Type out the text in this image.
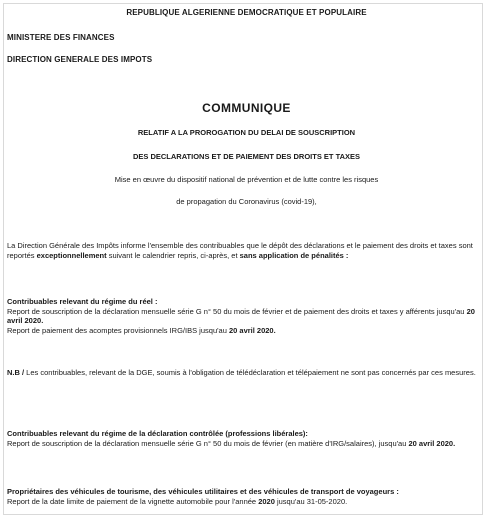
REPUBLIQUE ALGERIENNE DEMOCRATIQUE ET POPULAIRE
MINISTERE DES FINANCES
DIRECTION GENERALE DES IMPOTS
COMMUNIQUE
RELATIF A LA PROROGATION DU DELAI DE SOUSCRIPTION
DES DECLARATIONS ET DE PAIEMENT DES DROITS ET TAXES
Mise en œuvre du dispositif national de prévention et de lutte contre les risques
de propagation du Coronavirus (covid-19),
La Direction Générale des Impôts informe l'ensemble des contribuables que le dépôt des déclarations et le paiement des droits et taxes sont reportés exceptionnellement suivant le calendrier repris, ci-après, et sans application de pénalités :
Contribuables relevant du régime du réel :
Report de souscription de la déclaration mensuelle série G n° 50 du mois de février et de paiement des droits et taxes y afférents jusqu'au 20 avril 2020.
Report de paiement des acomptes provisionnels IRG/IBS jusqu'au 20 avril 2020.
N.B / Les contribuables, relevant de la DGE, soumis à l'obligation de télédéclaration et télépaiement ne sont pas concernés par ces mesures.
Contribuables relevant du régime de la déclaration contrôlée (professions libérales):
Report de souscription de la déclaration mensuelle série G n° 50 du mois de février (en matière d'IRG/salaires), jusqu'au 20 avril 2020.
Propriétaires des véhicules de tourisme, des véhicules utilitaires et des véhicules de transport de voyageurs :
Report de la date limite de paiement de la vignette automobile pour l'année 2020 jusqu'au 31-05-2020.
